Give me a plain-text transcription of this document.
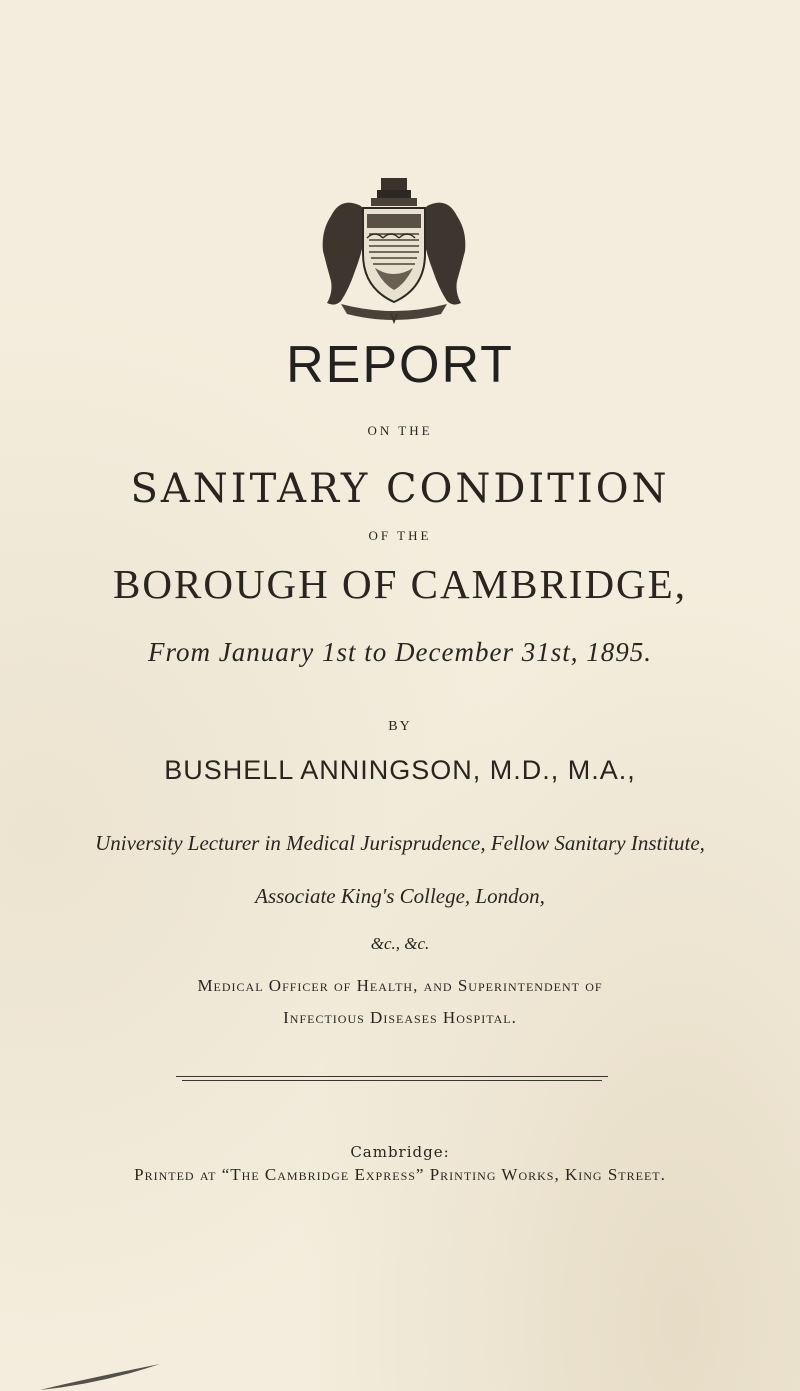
REPORT
ON THE
SANITARY CONDITION
OF THE
BOROUGH OF CAMBRIDGE,
From January 1st to December 31st, 1895.
BY
BUSHELL ANNINGSON, M.D., M.A.,
University Lecturer in Medical Jurisprudence, Fellow Sanitary Institute,
Associate King's College, London,
&c., &c.
Medical Officer of Health, and Superintendent of
Infectious Diseases Hospital.
Cambridge:
Printed at “The Cambridge Express” Printing Works, King Street.
